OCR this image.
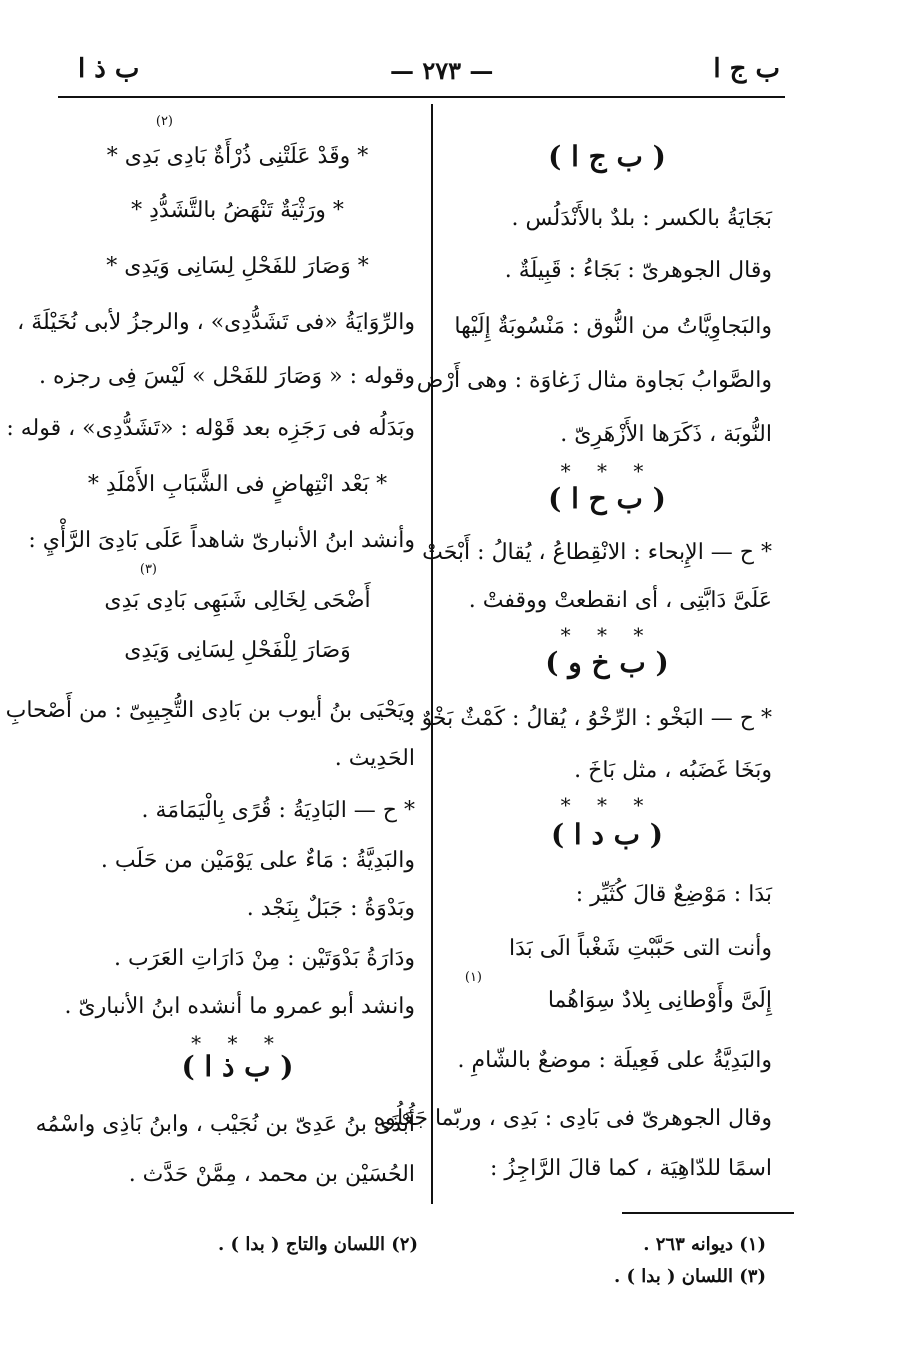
ب ج ا
— ٢٧٣ —
ب ذ ا
( ب ج ا )
بَجَايَةُ بالكسر : بلدٌ بالأَنْدَلُس .
وقال الجوهرىّ : بَجَاءُ : قَبِيلَةٌ .
والبَجاوِيَّاتُ من النُّوق : مَنْسُوبَةٌ إِلَيْها
والصَّوابُ بَجاوة مثال زَغاوَة : وهى أَرْض
النُّوبَة ، ذَكَرَها الأَزْهَرِىّ .
* * *
( ب ح ا )
* ح — الإِبحاء : الانْقِطاعُ ، يُقالُ : أَبْحَتْ
عَلَىَّ دَابَّتِى ، أى انقطعتْ ووقفتْ .
* * *
( ب خ و )
* ح — البَخْو : الرِّخْوُ ، يُقالُ : كَمْثٌ بَخْوٌ .
وبَخَا غَضَبُه ، مثل بَاخَ .
* * *
( ب د ا )
بَدَا : مَوْضِعٌ قالَ كُثَيِّر :
وأنت التى حَبَّبْتِ شَغْباً الَى بَدَا
(١)
إِلَىَّ وأَوْطانِى بِلادٌ سِوَاهُما
والبَدِيَّةُ على فَعِيلَة : موضعٌ بالشّامِ .
وقال الجوهرىّ فى بَادِى : بَدِى ، وربّما جَعَلُوه
اسمًا للدّاهِيَة ، كما قالَ الرَّاجِزُ :
(٢)
* وقَدْ عَلَتْنِى ذُرْأَةٌ بَادِى بَدِى *
* ورَثْيَةٌ تَنْهَضُ بالتَّشَدُّدِ *
* وَصَارَ للفَحْلِ لِسَانِى وَيَدِى *
والرِّوَايَةُ «فى تَشَدُّدِى» ، والرجزُ لأبى نُخَيْلَةَ ،
وقوله : « وَصَارَ للفَحْل » لَيْسَ فِى رجزه .
وبَدَلُه فى رَجَزِه بعد قَوْله : «تَشَدُّدِى» ، قوله :
* بَعْد انْتِهاضٍ فى الشَّبَابِ الأَمْلَدِ *
وأنشد ابنُ الأنبارىّ شاهداً عَلَى بَادِىَ الرَّأْيِ :
(٣)
أَضْحَى لِخَالِى شَبَهِى بَادِى بَدِى
وَصَارَ لِلْفَحْلِ لِسَانِى وَيَدِى
ويَحْيَى بنُ أيوب بن بَادِى التُّجِيبِىّ : من أَصْحابِ
الحَدِيث .
* ح — البَادِيَةُ : قُرًى بِالْيَمَامَة .
والبَدِيَّةُ : مَاءٌ على يَوْمَيْن من حَلَب .
وبَدْوَةُ : جَبَلٌ بِنَجْد .
ودَارَةُ بَدْوَتَيْن : مِنْ دَارَاتِ العَرَب .
وانشد أبو عمرو ما أنشده ابنُ الأنبارىّ .
* * *
( ب ذ ا )
أُبْذَى بنُ عَدِىّ بن نُجَيْب ، وابنُ بَاذِى واسْمُه
الحُسَيْن بن محمد ، مِمَّنْ حَدَّث .
(٢) اللسان والتاج ( بدا ) .	(١) ديوانه ٢٦٣ .
(٣) اللسان ( بدا ) .
